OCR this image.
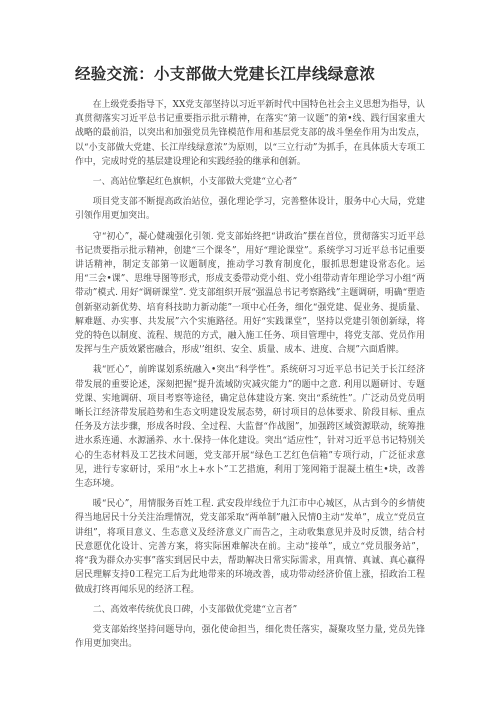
经验交流：小支部做大党建长江岸线绿意浓

在上级党委指导下，XX党支部坚持以习近平新时代中国特色社会主义思想为指导，认真贯彻落实习近平总书记重要指示批示精神，在落实“第一议题”的第•线、践行国家重大战略的最前沿，以突出和加强党员先锋模范作用和基层党支部的战斗堡垒作用为出发点，以“小支部做大党建、长江岸线绿意浓”为原则，以“三立行动”为抓手，在具体质大专项工作中，完成时党的基层建设理论和实践经验的继承和创新。

一、高站位擎起红色旗帜，小支部做大党建“立心者”

项目党支部不断提高政治站位，强化理论学习，完善整体设计，服务中心大局，党建引领作用更加突出。

守“初心”，凝心健魂强化引领. 党支部始终把“讲政治”摆在首位，贯彻落实习近平总书记贵要指示批示精神，创建“三个课冬”，用好“理论课堂”。系统学习习近平总书记重要讲话精神，制定支部第一议题制度，推动学习教育制度化，服抓思想建设常态化。运用“三会•课”、思维导图等形式，形成支委带动党小组、党小组带动青年理论学习小组“两带动”模式. 用好“调研课堂”. 党支部组织开展“强温总书记考察路线”主题调研，明确“塑造创新驱动新优势、培育科技助力新动能”一项中心任务，细化“强党建、促业务、提质量、解难题、办实事、共发展”六个实施路径。用好“实践课堂”，坚持以党建引领创新绿，将党的特色以制度、流程、规范的方式，融入施工任务、项目管理中，将党支部、党员作用发挥与生产质效紧密融合，形成'’组织、安全、质量、成本、进度、合规”六面盾牌。

栽“匠心”，前眸谋划系统融入•突出“科学性”。系统研习习近平总书记关于长江经济带发展的重要论述，深刻把握“提升流域防灾减灾能力”的题中之意. 利用以题研讨、专题党课、实地调研、项目考察等途径，确定总体建设方案. 突出“系统性”。广泛动员党员明晰长江经济带发展趋势和生态文明建设发展态势，研讨项目的总体要求、阶段目标、重点任务及方法步骤，形成各时段、全过程、大监督“作战图”，加强跨区域资源联动，统筹推进水系连通、水源涵养、水十.保持一体化建设。突出“适应性”，针对习近平总书记特别关心的生态材料及工艺技术问题，党支部开展“绿色工艺红色信箱”专项行动，广泛征求意见，进行专家研讨，采用“水上+水卜”工艺措施，利用丁笼网箱于混凝土植生•块，改善生态环境。

暖“民心”，用情服务百姓工程. 武安段岸线位于九江市中心城区，从古到今的乡情使得当地居民十分关注治理情况，党支部采取“两单制”融入民情0主动“发单”，成立“党员宣讲组”，将项目意义、生态意义及经济意义广而告之，主动收集意见并及时反馈，结合村民意愿优化设计、完善方案，将实际困难解决在前。主动“接单”，成立“党员服务站”，将“我为群众办实事”落实到居民中去，帮助解决日常实际需求，用真情、真诚、真心赢得居民理解支持0工程完工后为此地带来的环境改善，成功带动经济价值上涨，招政治工程做成打终再闻乐见的经济工程。

二、高效率传统优良口碑，小支部做优党建“立言者”

党支部始终坚持问题导向，强化使命担当，细化贵任落实，凝聚攻坚力量, 党员先锋作用更加突出。
